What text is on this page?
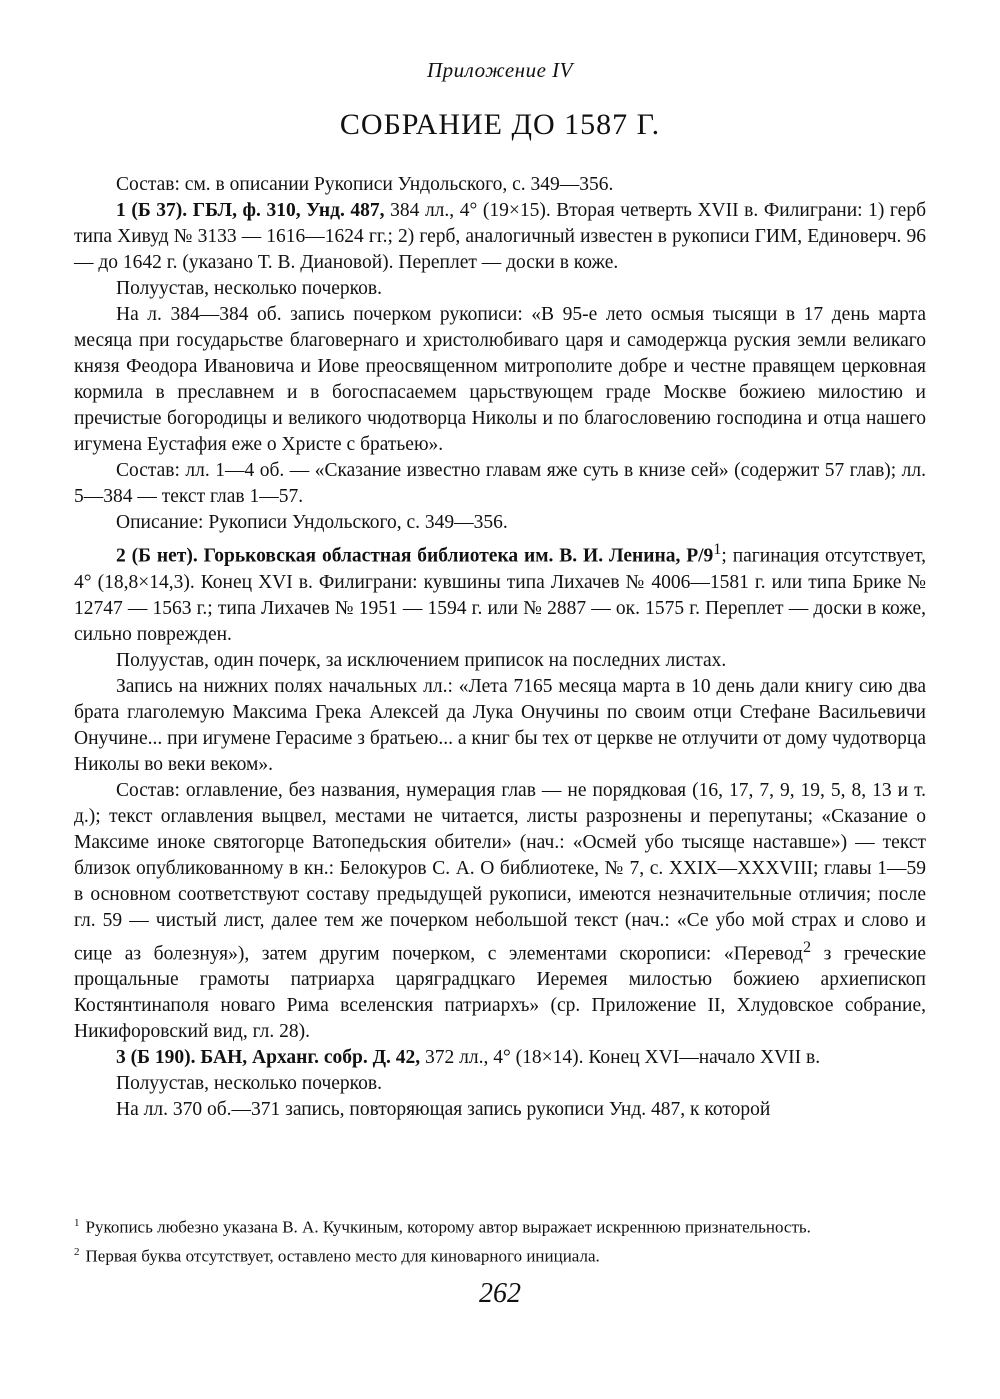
Приложение IV
СОБРАНИЕ ДО 1587 Г.

Состав: см. в описании Рукописи Ундольского, с. 349—356.

1 (Б 37). ГБЛ, ф. 310, Унд. 487, 384 лл., 4° (19×15). Вторая четверть XVII в. Филиграни: 1) герб типа Хивуд № 3133 — 1616—1624 гг.; 2) герб, аналогичный известен в рукописи ГИМ, Единоверч. 96 — до 1642 г. (указано Т. В. Диановой). Переплет — доски в коже.

Полуустав, несколько почерков.

На л. 384—384 об. запись почерком рукописи: «В 95-е лето осмыя тысящи в 17 день марта месяца при государьстве благовернаго и христолюбиваго царя и самодержца руския земли великаго князя Феодора Ивановича и Иове преосвященном митрополите добре и честне правящем церковная кормила в преславнем и в богоспасаемем царьствующем граде Москве божиею милостию и пречистые богородицы и великого чюдотворца Николы и по благословению господина и отца нашего игумена Еустафия еже о Христе с братьею».

Состав: лл. 1—4 об. — «Сказание известно главам яже суть в книзе сей» (содержит 57 глав); лл. 5—384 — текст глав 1—57.

Описание: Рукописи Ундольского, с. 349—356.

2 (Б нет). Горьковская областная библиотека им. В. И. Ленина, $Р/9^1$; пагинация отсутствует, 4° (18,8×14,3). Конец XVI в. Филиграни: кувшины типа Лихачев № 4006—1581 г. или типа Брике № 12747 — 1563 г.; типа Лихачев № 1951 — 1594 г. или № 2887 — ок. 1575 г. Переплет — доски в коже, сильно поврежден.

Полуустав, один почерк, за исключением приписок на последних листах.

Запись на нижних полях начальных лл.: «Лета 7165 месяца марта в 10 день дали книгу сию два брата глаголемую Максима Грека Алексей да Лука Онучины по своим отци Стефане Васильевичи Онучине... при игумене Герасиме з братьею... а книг бы тех от церкве не отлучити от дому чудотворца Николы во веки веком».

Состав: оглавление, без названия, нумерация глав — не порядковая (16, 17, 7, 9, 19, 5, 8, 13 и т. д.); текст оглавления выцвел, местами не читается, листы разрознены и перепутаны; «Сказание о Максиме иноке святогорце Ватопедьския обители» (нач.: «Осмей убо тысяще наставше») — текст близок опубликованному в кн.: Белокуров С. А. О библиотеке, № 7, с. XXIX—XXXVIII; главы 1—59 в основном соответствуют составу предыдущей рукописи, имеются незначительные отличия; после гл. 59 — чистый лист, далее тем же почерком небольшой текст (нач.: «Се убо мой страх и слово и сице аз болезнуя»), затем другим почерком, с элементами скорописи: «Перевод$^2$ з греческие прощальные грамоты патриарха царяградцкаго Иеремея милостью божиею архиепископ Костянтинаполя новаго Рима вселенския патриархъ» (ср. Приложение II, Хлудовское собрание, Никифоровский вид, гл. 28).

3 (Б 190). БАН, Арханг. собр. Д. 42, 372 лл., 4° (18×14). Конец XVI—начало XVII в.

Полуустав, несколько почерков.

На лл. 370 об.—371 запись, повторяющая запись рукописи Унд. 487, к которой

$^1$ Рукопись любезно указана В. А. Кучкиным, которому автор выражает искреннюю признательность.

$^2$ Первая буква отсутствует, оставлено место для киноварного инициала.

262
